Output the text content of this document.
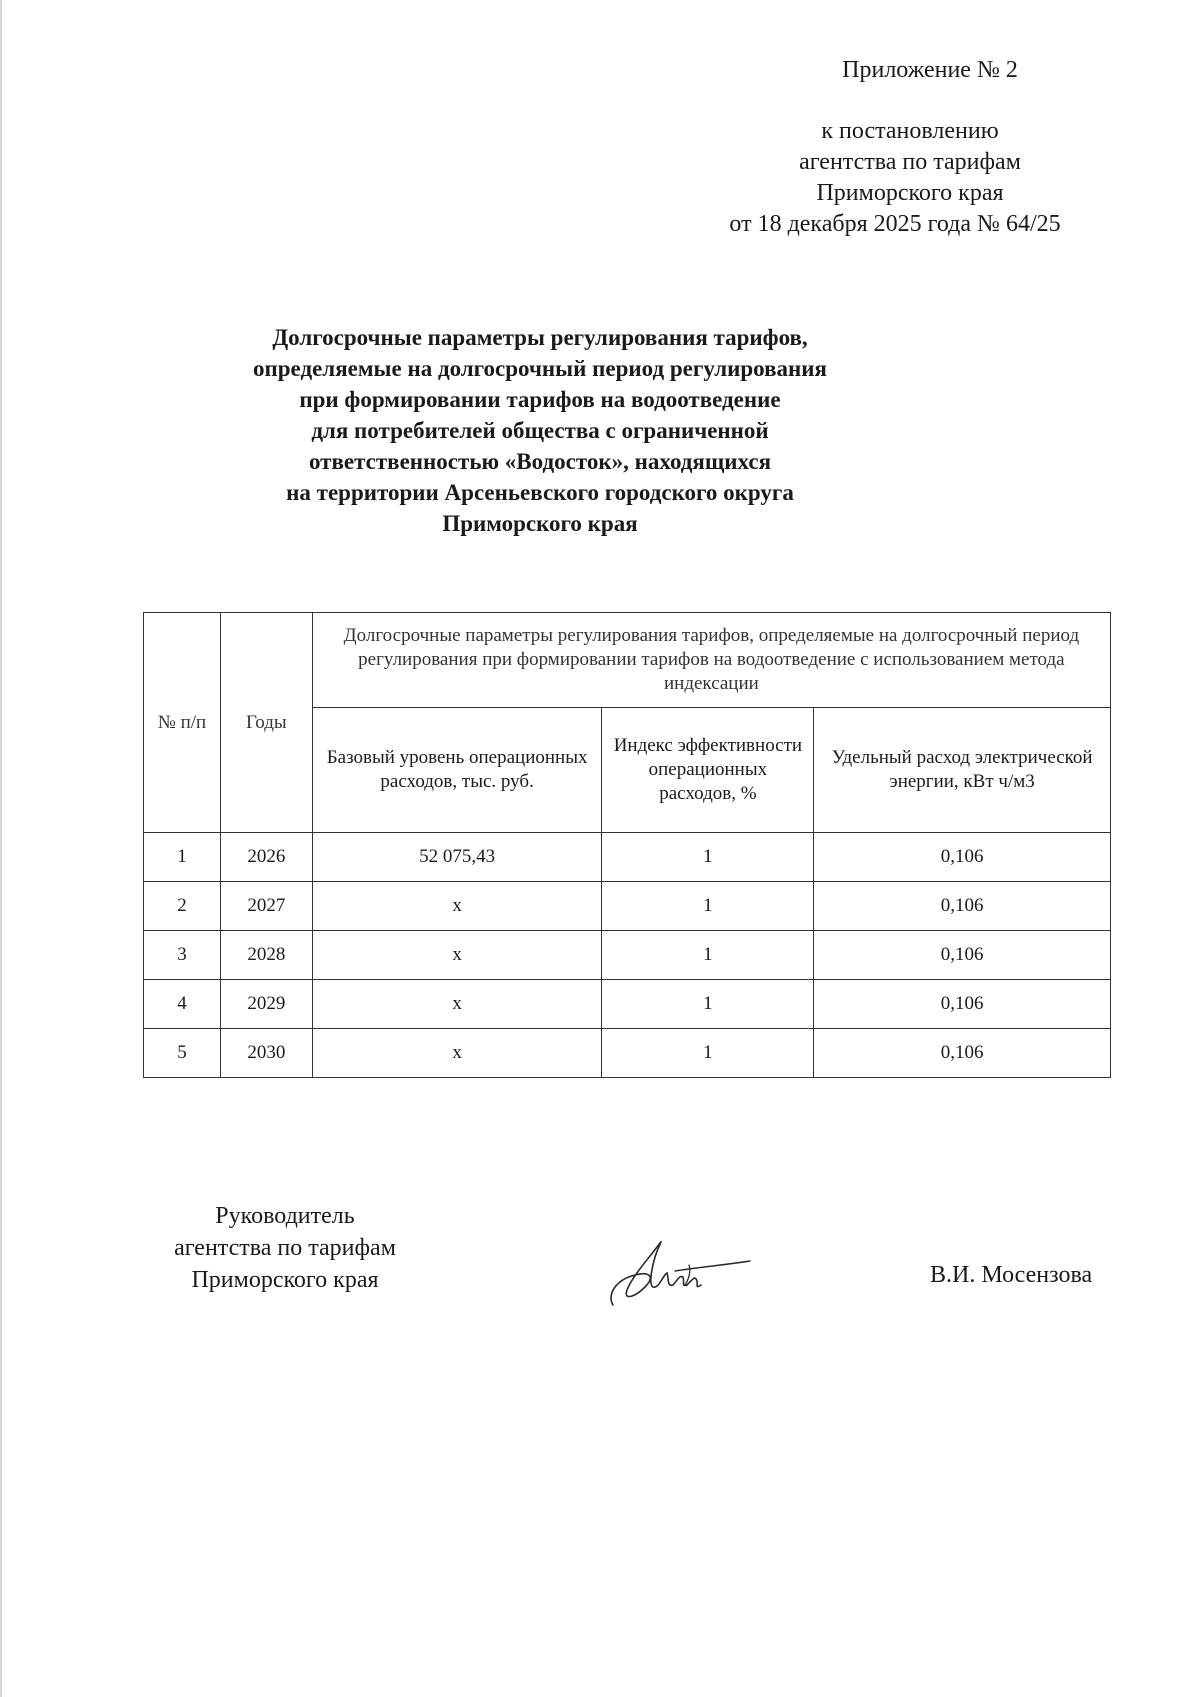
Приложение № 2
к постановлению
агентства по тарифам
Приморского края
от 18 декабря 2025 года № 64/25
Долгосрочные параметры регулирования тарифов,
определяемые на долгосрочный период регулирования
при формировании тарифов на водоотведение
для потребителей общества с ограниченной
ответственностью «Водосток», находящихся
на территории Арсеньевского городского округа
Приморского края
№ п/п	Годы	Долгосрочные параметры регулирования тарифов, определяемые на долгосрочный период регулирования при формировании тарифов на водоотведение с использованием метода индексации		
		Базовый уровень операционных расходов, тыс. руб.	Индекс эффективности операционных расходов, %	Удельный расход электрической энергии, кВт ч/м3
1	2026	52 075,43	1	0,106
2	2027	х	1	0,106
3	2028	х	1	0,106
4	2029	х	1	0,106
5	2030	х	1	0,106
Руководитель
агентства по тарифам
Приморского края	В.И. Мосензова
